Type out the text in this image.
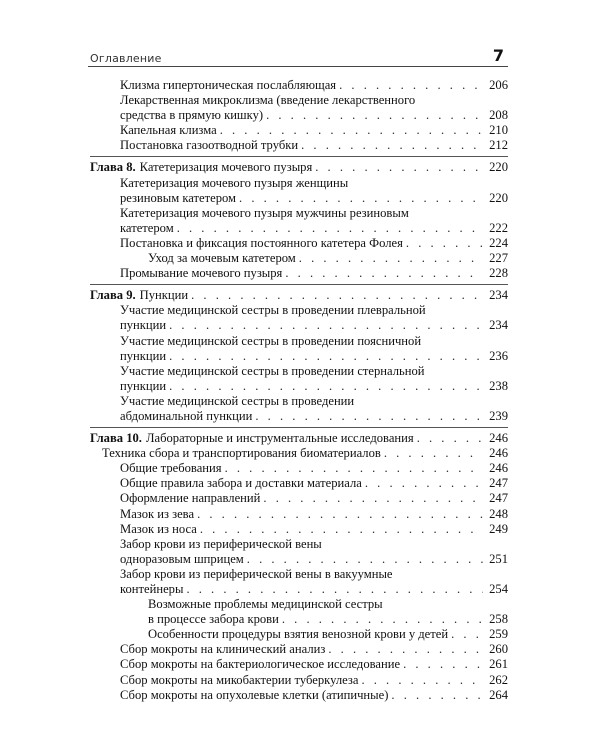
Оглавление	7
Клизма гипертоническая послабляющая . . .	206
Лекарственная микроклизма (введение лекарственного
средства в прямую кишку) . . .	208
Капельная клизма . . .	210
Постановка газоотводной трубки . . .	212
Глава 8. Катетеризация мочевого пузыря . . .	220
Катетеризация мочевого пузыря женщины
резиновым катетером . . .	220
Катетеризация мочевого пузыря мужчины резиновым
катетером . . .	222
Постановка и фиксация постоянного катетера Фолея . . .	224
Уход за мочевым катетером . . .	227
Промывание мочевого пузыря . . .	228
Глава 9. Пункции . . .	234
Участие медицинской сестры в проведении плевральной
пункции . . .	234
Участие медицинской сестры в проведении поясничной
пункции . . .	236
Участие медицинской сестры в проведении стернальной
пункции . . .	238
Участие медицинской сестры в проведении
абдоминальной пункции . . .	239
Глава 10. Лабораторные и инструментальные исследования . . .	246
Техника сбора и транспортирования биоматериалов . . .	246
Общие требования . . .	246
Общие правила забора и доставки материала . . .	247
Оформление направлений . . .	247
Мазок из зева . . .	248
Мазок из носа . . .	249
Забор крови из периферической вены
одноразовым шприцем . . .	251
Забор крови из периферической вены в вакуумные
контейнеры . . .	254
Возможные проблемы медицинской сестры
в процессе забора крови . . .	258
Особенности процедуры взятия венозной крови у детей . . .	259
Сбор мокроты на клинический анализ . . .	260
Сбор мокроты на бактериологическое исследование . . .	261
Сбор мокроты на микобактерии туберкулеза . . .	262
Сбор мокроты на опухолевые клетки (атипичные) . . .	264
